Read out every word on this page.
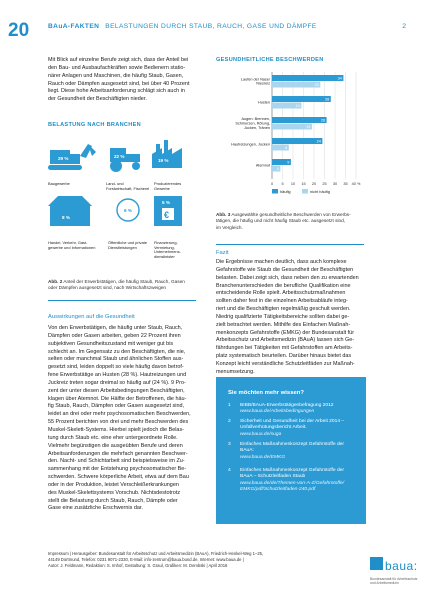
20	BAuA-FAKTEN BELASTUNGEN DURCH STAUB, RAUCH, GASE UND DÄMPFE	2
Mit Blick auf einzelne Berufe zeigt sich, dass der Anteil bei
den Bau- und Ausbaufachkräften sowie Bedienern statio-
närer Anlagen und Maschinen, die häufig Staub, Gasen,
Rauch oder Dämpfen ausgesetzt sind, bei über 40 Prozent
liegt. Diese hohe Arbeitsanforderung schlägt sich auch in
der Gesundheit der Beschäftigten nieder.
BELASTUNG NACH BRANCHEN
29 %	22 %
19 %
8 %
6 %
5 %
€
Baugewerbe	Land- und Forstwirtschaft, Fischerei
Produzierendes Gewerbe
Handel, Verkehr, Gastgewerbe und Informationen
Öffentliche und private Dienstleistungen
Finanzierung, Vermietung, Unternehmensdienstleister
Abb. 2 Anteil der Erwerbstätigen, die häufig Staub, Rauch, Gasen
oder Dämpfen ausgesetzt sind, nach Wirtschaftszweigen
Auswirkungen auf die Gesundheit
Von den Erwerbstätigen, die häufig unter Staub, Rauch,
Dämpfen oder Gasen arbeiten, geben 22 Prozent ihren
subjektiven Gesundheitszustand mit weniger gut bis
schlecht an. Im Gegensatz zu den Beschäftigten, die nie,
selten oder manchmal Staub und ähnlichen Stoffen aus-
gesetzt sind, leiden doppelt so viele häufig davon betrof-
fene Erwerbstätige an Husten (28 %). Hautreizungen und
Juckreiz treten sogar dreimal so häufig auf (24 %). 9 Pro-
zent der unter diesen Arbeitsbedingungen Beschäftigten,
klagen über Atemnot. Die Hälfte der Betroffenen, die häu-
fig Staub, Rauch, Dämpfen oder Gasen ausgesetzt sind,
leidet an drei oder mehr psychosomatischen Beschwerden,
55 Prozent berichten von drei und mehr Beschwerden des
Muskel-Skelett-Systems. Hierbei spielt jedoch die Belas-
tung durch Staub etc. eine eher untergeordnete Rolle.
Vielmehr begünstigen die ausgeübten Berufe und deren
Arbeitsanforderungen die mehrfach genannten Beschwer-
den. Nacht- und Schichtarbeit sind beispielsweise im Zu-
sammenhang mit der Entstehung psychosomatischer Be-
schwerden. Schwere körperliche Arbeit, etwa auf dem Bau
oder in der Produktion, leistet Verschleißerkrankungen
des Muskel-Skelettsystems Vorschub. Nichtsdestotrotz
stellt die Belastung durch Staub, Rauch, Dämpfe oder
Gase eine zusätzliche Erschwernis dar.
GESUNDHEITLICHE BESCHWERDEN
0 5 10 15 20 25 30 35 40 %
Laufen der Nase/
Niesreiz
34
23
Husten
28
14
Augen: Brennen,
Schmerzen, Rötung,
Jucken, Tränen
26
19
Hautreizungen, Jucken
24
8
Atemnot
9
4
häufig	nicht häufig
Abb. 3 Ausgewählte gesundheitliche Beschwerden von Erwerbs-
tätigen, die häufig und nicht häufig Staub etc. ausgesetzt sind,
im Vergleich.
Fazit
Die Ergebnisse machen deutlich, dass auch komplexe
Gefahrstoffe wie Staub die Gesundheit der Beschäftigten
belasten. Dabei zeigt sich, dass neben den zu erwartenden
Branchenunterschieden die berufliche Qualifikation eine
entscheidende Rolle spielt. Arbeitsschutzmaßnahmen
sollten daher fest in die einzelnen Arbeitsabläufe integ-
riert und die Beschäftigten regelmäßig geschult werden.
Niedrig qualifizierte Tätigkeitsbereiche sollten dabei ge-
zielt betrachtet werden. Mithilfe des Einfachen Maßnah-
menkonzepts Gefahrstoffe (EMKG) der Bundesanstalt für
Arbeitsschutz und Arbeitsmedizin (BAuA) lassen sich Ge-
fährdungen bei Tätigkeiten mit Gefahrstoffen am Arbeits-
platz systematisch beurteilen. Darüber hinaus bietet das
Konzept leicht verständliche Schutzleitfäden zur Maßnah-
menumsetzung.
Sie möchten mehr wissen?
1	BIBB/BAuA-Erwerbstätigenbefragung 2012
www.baua.de/Arbeitsbedingungen
2	Sicherheit und Gesundheit bei der Arbeit 2014 –
Unfallverhütungsbericht Arbeit.
www.baua.de/suga
3	Einfaches Maßnahmenkonzept Gefahrstoffe der
BAuA:
www.baua.de/EMKG
4	Einfaches Maßnahmenkonzept Gefahrstoffe der
BAuA – Schutzleitfaden Staub
www.baua.de/de/Themen-von-A-Z/Gefahrstoffe/
EMKG/pdf/Schutzleitfaden-240.pdf
Impressum | Herausgeber: Bundesanstalt für Arbeitsschutz und Arbeitsmedizin (BAuA), Friedrich-Henkel-Weg 1–25,
44149 Dortmund, Telefon: 0231 9071-2330, E-Mail: info-zentrum@baua.bund.de, Internet: www.baua.de |
Autor: J. Feldmann, Redaktion: S. Imhof, Gestaltung: S. Graul, Grafiken: M. Dembski | April 2016	baua:
Bundesanstalt für Arbeitsschutz
und Arbeitsmedizin
